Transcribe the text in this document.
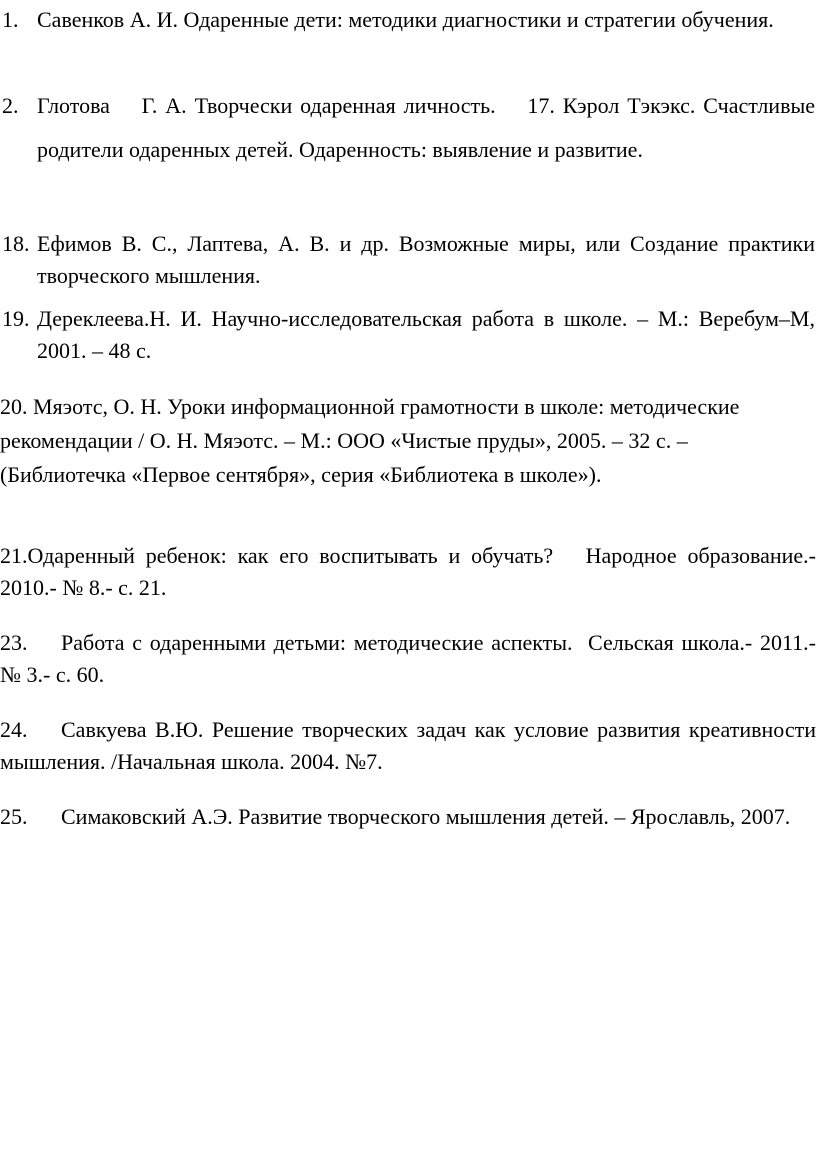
1. Савенков А. И. Одаренные дети: методики диагностики и стратегии обучения.
2. Глотова    Г. А. Творчески одаренная личность.    17. Кэрол Тэкэкс. Счастливые родители одаренных детей. Одаренность: выявление и развитие.
18. Ефимов В. С., Лаптева, А. В. и др. Возможные миры, или Создание практики творческого мышления.
19. Дереклеева.Н. И. Научно-исследовательская работа в школе. – М.: Веребум–М, 2001. – 48 с.
20. Мяэотс, О. Н. Уроки информационной грамотности в школе: методические рекомендации / О. Н. Мяэотс. – М.: ООО «Чистые пруды», 2005. – 32 с. – (Библиотечка «Первое сентября», серия «Библиотека в школе»).
21.Одаренный ребенок: как его воспитывать и обучать?   Народное образование.- 2010.- № 8.- с. 21.
23. Работа с одаренными детьми: методические аспекты.  Сельская школа.- 2011.- № 3.- с. 60.
24. Савкуева В.Ю. Решение творческих задач как условие развития креативности мышления. /Начальная школа. 2004. №7.
25. Симаковский А.Э. Развитие творческого мышления детей. – Ярославль, 2007.
